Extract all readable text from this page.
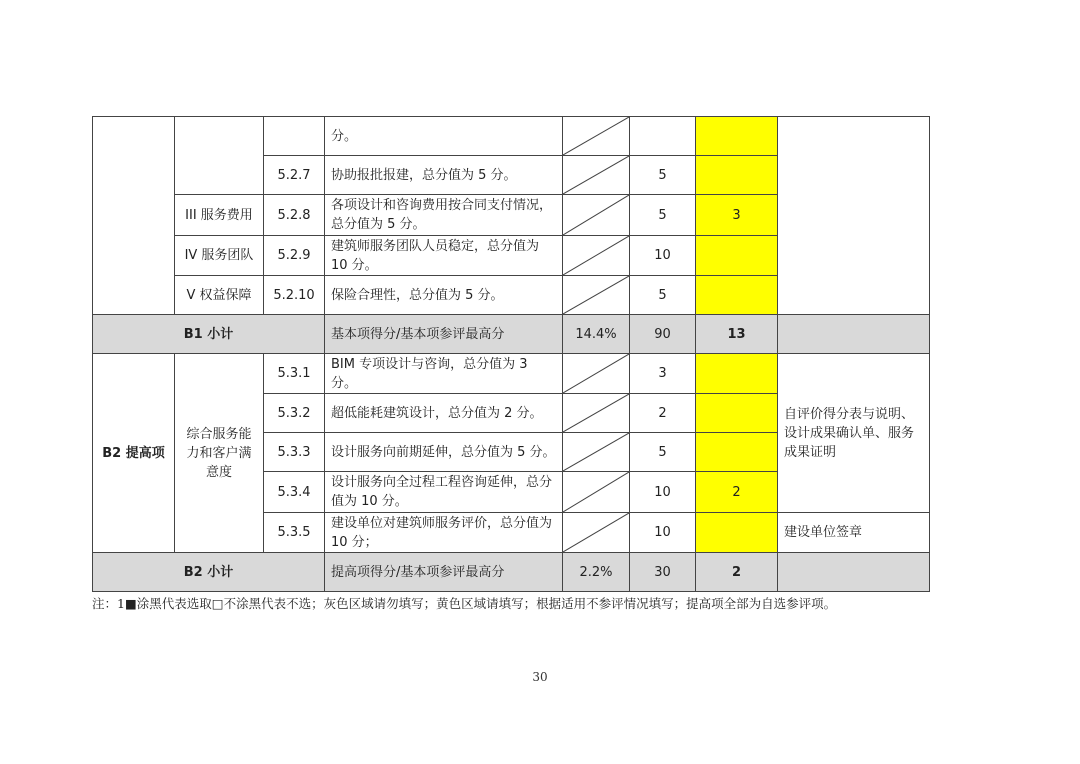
			分。	

		5.2.7	协助报批报建，总分值为 5 分。		5		
	III 服务费用	5.2.8	各项设计和咨询费用按合同支付情况，总分值为 5 分。		5	3	
	IV 服务团队	5.2.9	建筑师服务团队人员稳定，总分值为 10 分。		10		
	V 权益保障	5.2.10	保险合理性，总分值为 5 分。		5		
B1 小计			基本项得分/基本项参评最高分	14.4%	90	13	
B2 提高项	综合服务能力和客户满意度	5.3.1	BIM 专项设计与咨询，总分值为 3 分。		3		自评价得分表与说明、设计成果确认单、服务成果证明
		5.3.2	超低能耗建筑设计，总分值为 2 分。		2		
		5.3.3	设计服务向前期延伸，总分值为 5 分。		5		
		5.3.4	设计服务向全过程工程咨询延伸，总分值为 10 分。		10	2	
		5.3.5	建设单位对建筑师服务评价，总分值为 10 分；		10		建设单位签章
B2 小计			提高项得分/基本项参评最高分	2.2%	30	2	
注：1■涂黑代表选取□不涂黑代表不选；灰色区域请勿填写；黄色区域请填写；根据适用不参评情况填写；提高项全部为自选参评项。
30
